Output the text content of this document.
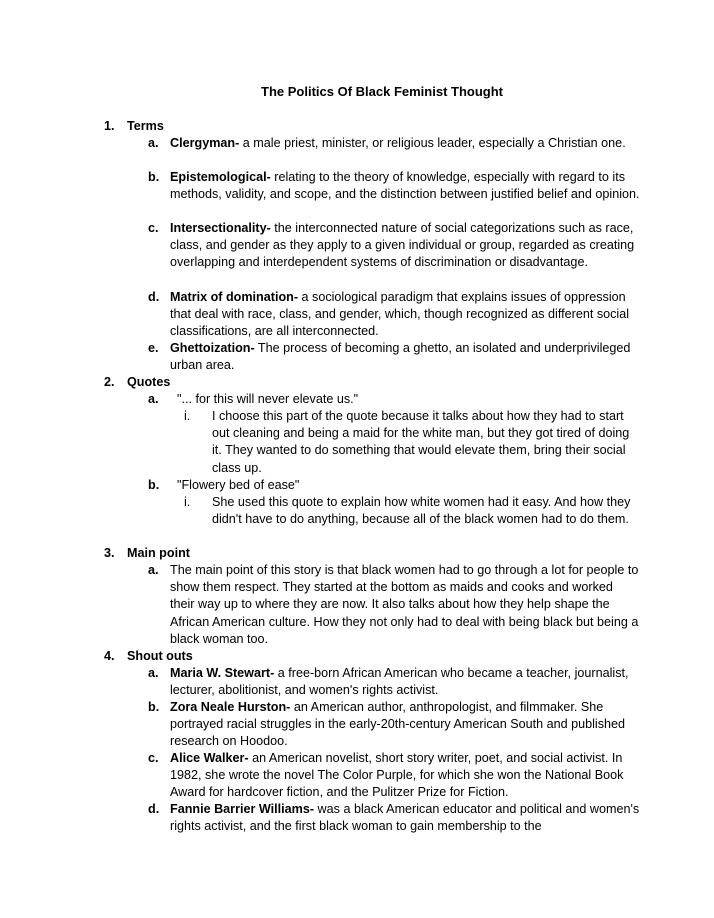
The Politics Of Black Feminist Thought
1. Terms
a. Clergyman- a male priest, minister, or religious leader, especially a Christian one.
b. Epistemological- relating to the theory of knowledge, especially with regard to its methods, validity, and scope, and the distinction between justified belief and opinion.
c. Intersectionality- the interconnected nature of social categorizations such as race, class, and gender as they apply to a given individual or group, regarded as creating overlapping and interdependent systems of discrimination or disadvantage.
d. Matrix of domination- a sociological paradigm that explains issues of oppression that deal with race, class, and gender, which, though recognized as different social classifications, are all interconnected.
e. Ghettoization- The process of becoming a ghetto, an isolated and underprivileged urban area.
2. Quotes
a. "... for this will never elevate us."
i. I choose this part of the quote because it talks about how they had to start out cleaning and being a maid for the white man, but they got tired of doing it. They wanted to do something that would elevate them, bring their social class up.
b. "Flowery bed of ease"
i. She used this quote to explain how white women had it easy. And how they didn't have to do anything, because all of the black women had to do them.
3. Main point
a. The main point of this story is that black women had to go through a lot for people to show them respect. They started at the bottom as maids and cooks and worked their way up to where they are now. It also talks about how they help shape the African American culture. How they not only had to deal with being black but being a black woman too.
4. Shout outs
a. Maria W. Stewart- a free-born African American who became a teacher, journalist, lecturer, abolitionist, and women's rights activist.
b. Zora Neale Hurston- an American author, anthropologist, and filmmaker. She portrayed racial struggles in the early-20th-century American South and published research on Hoodoo.
c. Alice Walker- an American novelist, short story writer, poet, and social activist. In 1982, she wrote the novel The Color Purple, for which she won the National Book Award for hardcover fiction, and the Pulitzer Prize for Fiction.
d. Fannie Barrier Williams- was a black American educator and political and women's rights activist, and the first black woman to gain membership to the
